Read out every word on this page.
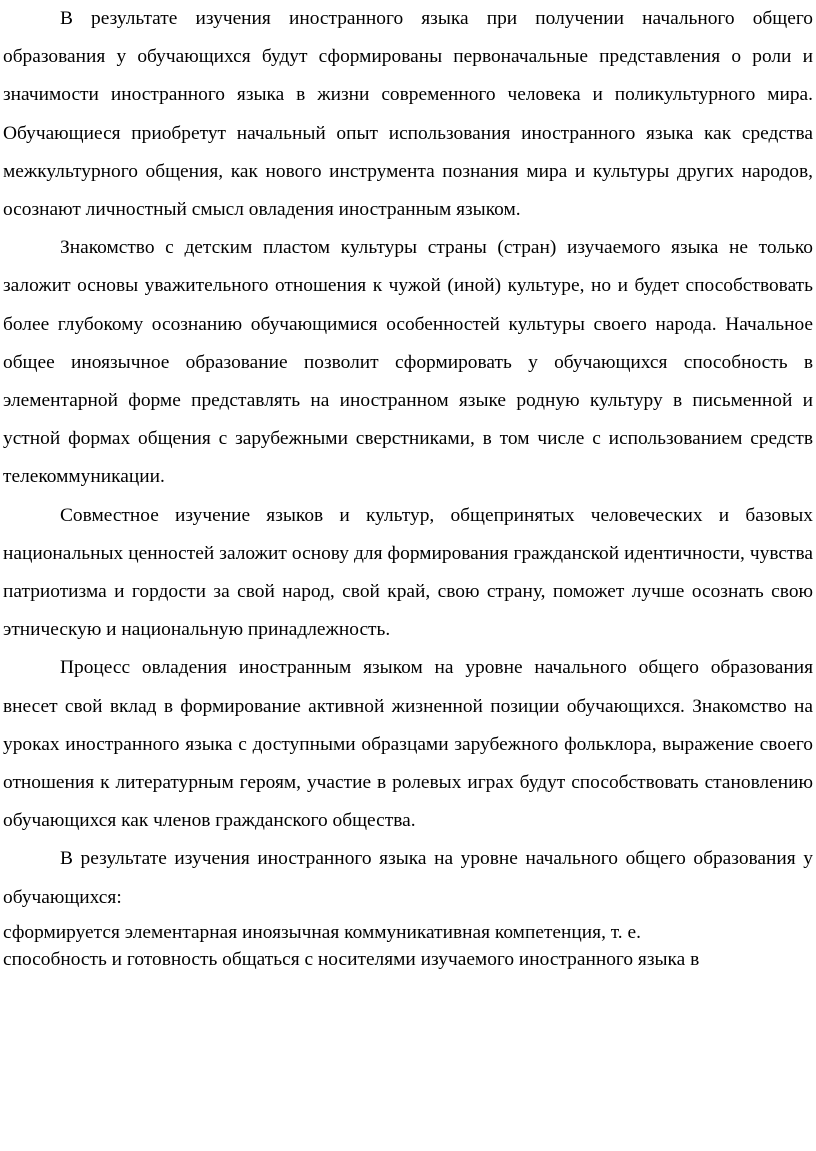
В результате изучения иностранного языка при получении начального общего образования у обучающихся будут сформированы первоначальные представления о роли и значимости иностранного языка в жизни современного человека и поликультурного мира. Обучающиеся приобретут начальный опыт использования иностранного языка как средства межкультурного общения, как нового инструмента познания мира и культуры других народов, осознают личностный смысл овладения иностранным языком.

Знакомство с детским пластом культуры страны (стран) изучаемого языка не только заложит основы уважительного отношения к чужой (иной) культуре, но и будет способствовать более глубокому осознанию обучающимися особенностей культуры своего народа. Начальное общее иноязычное образование позволит сформировать у обучающихся способность в элементарной форме представлять на иностранном языке родную культуру в письменной и устной формах общения с зарубежными сверстниками, в том числе с использованием средств телекоммуникации.

Совместное изучение языков и культур, общепринятых человеческих и базовых национальных ценностей заложит основу для формирования гражданской идентичности, чувства патриотизма и гордости за свой народ, свой край, свою страну, поможет лучше осознать свою этническую и национальную принадлежность.

Процесс овладения иностранным языком на уровне начального общего образования внесет свой вклад в формирование активной жизненной позиции обучающихся. Знакомство на уроках иностранного языка с доступными образцами зарубежного фольклора, выражение своего отношения к литературным героям, участие в ролевых играх будут способствовать становлению обучающихся как членов гражданского общества.

В результате изучения иностранного языка на уровне начального общего образования у обучающихся:

сформируется элементарная иноязычная коммуникативная компетенция, т. е.

способность и готовность общаться с носителями изучаемого иностранного языка в
